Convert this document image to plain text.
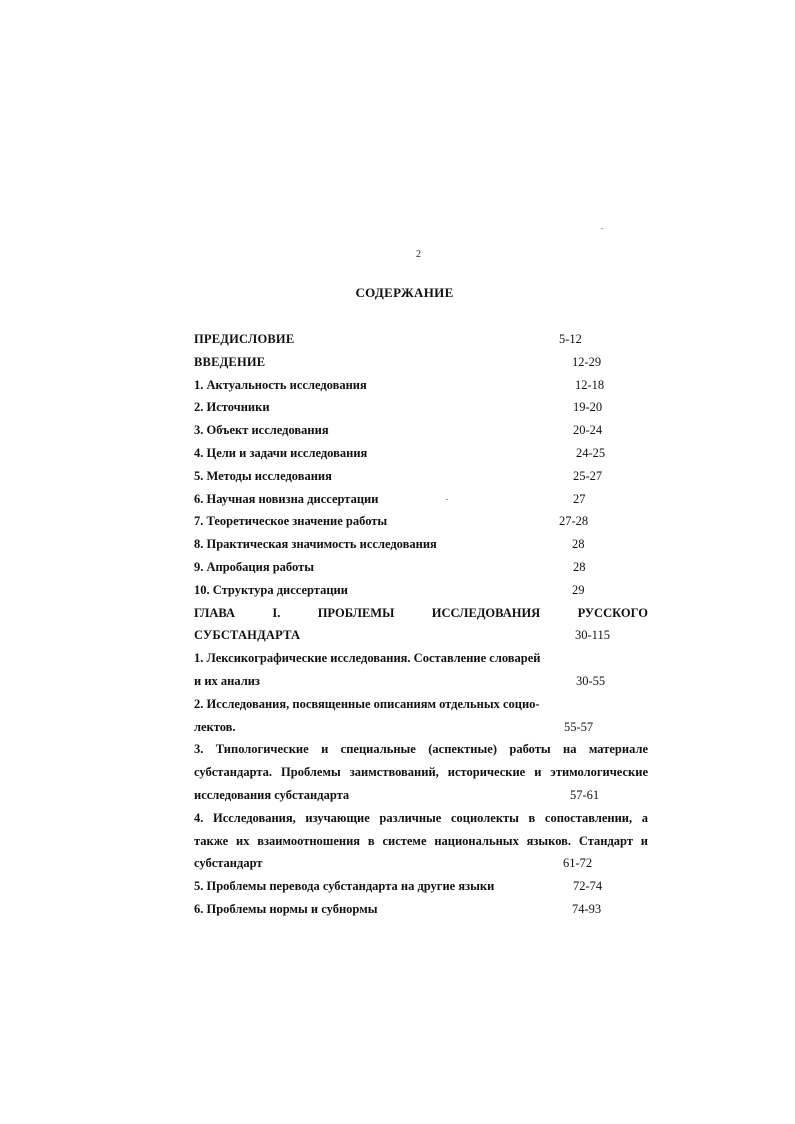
2
СОДЕРЖАНИЕ
ПРЕДИСЛОВИЕ	5-12
ВВЕДЕНИЕ	12-29
1. Актуальность исследования	12-18
2. Источники	19-20
3. Объект исследования	20-24
4. Цели и задачи исследования	24-25
5. Методы исследования	25-27
6. Научная новизна диссертации	27
7. Теоретическое значение работы	27-28
8. Практическая значимость исследования	28
9. Апробация работы	28
10. Структура диссертации	29
ГЛАВА	I.	ПРОБЛЕМЫ	ИССЛЕДОВАНИЯ	РУССКОГО
СУБСТАНДАРТА	30-115
1. Лексикографические исследования. Составление словарей
и их анализ	30-55
2. Исследования, посвященные описаниям отдельных социо-
лектов.	55-57
3. Типологические и специальные (аспектные) работы на материале
субстандарта. Проблемы заимствований, исторические и этимологические
исследования субстандарта	57-61
4. Исследования, изучающие различные социолекты в сопоставлении, а
также их взаимоотношения в системе национальных языков. Стандарт и
субстандарт	61-72
5. Проблемы перевода субстандарта на другие языки	72-74
6. Проблемы нормы и субнормы	74-93
